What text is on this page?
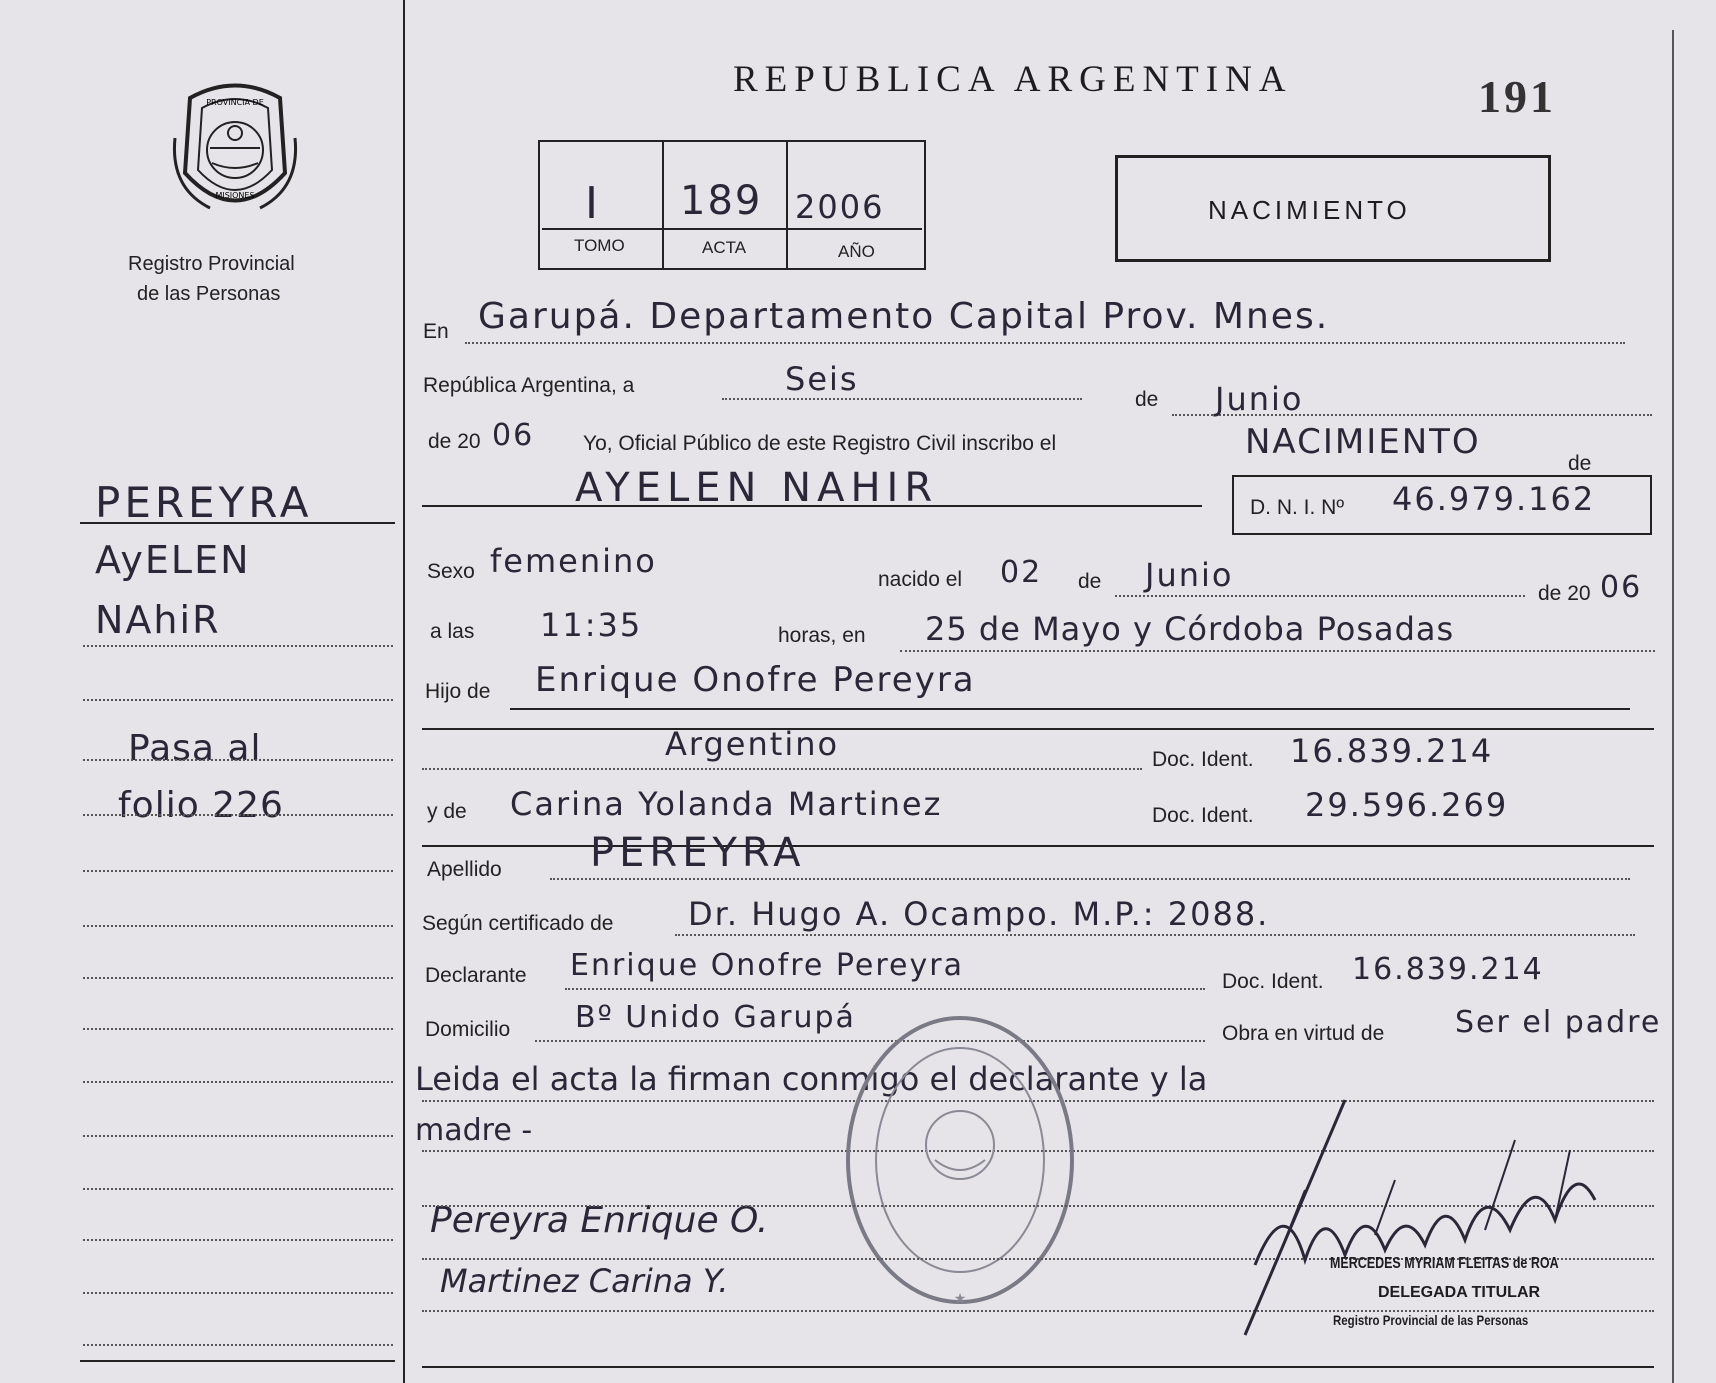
PROVINCIA DE
MISIONES
Registro Provincial
de las Personas
REPUBLICA ARGENTINA	191
I 189 2006
TOMO	ACTA	AÑO
NACIMIENTO
PEREYRA
AyELEN
NAhiR
Pasa al
folio 226
En Garupá. Departamento Capital Prov. Mnes.
República Argentina, a	Seis
de Junio
de 20 06 Yo, Oficial Público de este Registro Civil inscribo el	NACIMIENTO
de
AYELEN NAHIR	D. N. I. Nº 46.979.162
Sexo femenino	nacido el 02 de Junio	de 20 06
a las 11:35	horas, en 25 de Mayo y Córdoba Posadas
Hijo de Enrique Onofre Pereyra
Argentino	Doc. Ident. 16.839.214
y de Carina Yolanda Martinez	Doc. Ident. 29.596.269
Apellido PEREYRA
Según certificado de Dr. Hugo A. Ocampo. M.P.: 2088.
Declarante Enrique Onofre Pereyra	Doc. Ident. 16.839.214
Domicilio Bº Unido Garupá	Obra en virtud de Ser el padre
Leida el acta la firman conmigo el declarante y la
madre -
★
Pereyra Enrique O.
Martinez Carina Y.	MERCEDES MYRIAM FLEITAS de ROA
DELEGADA TITULAR
Registro Provincial de las Personas
